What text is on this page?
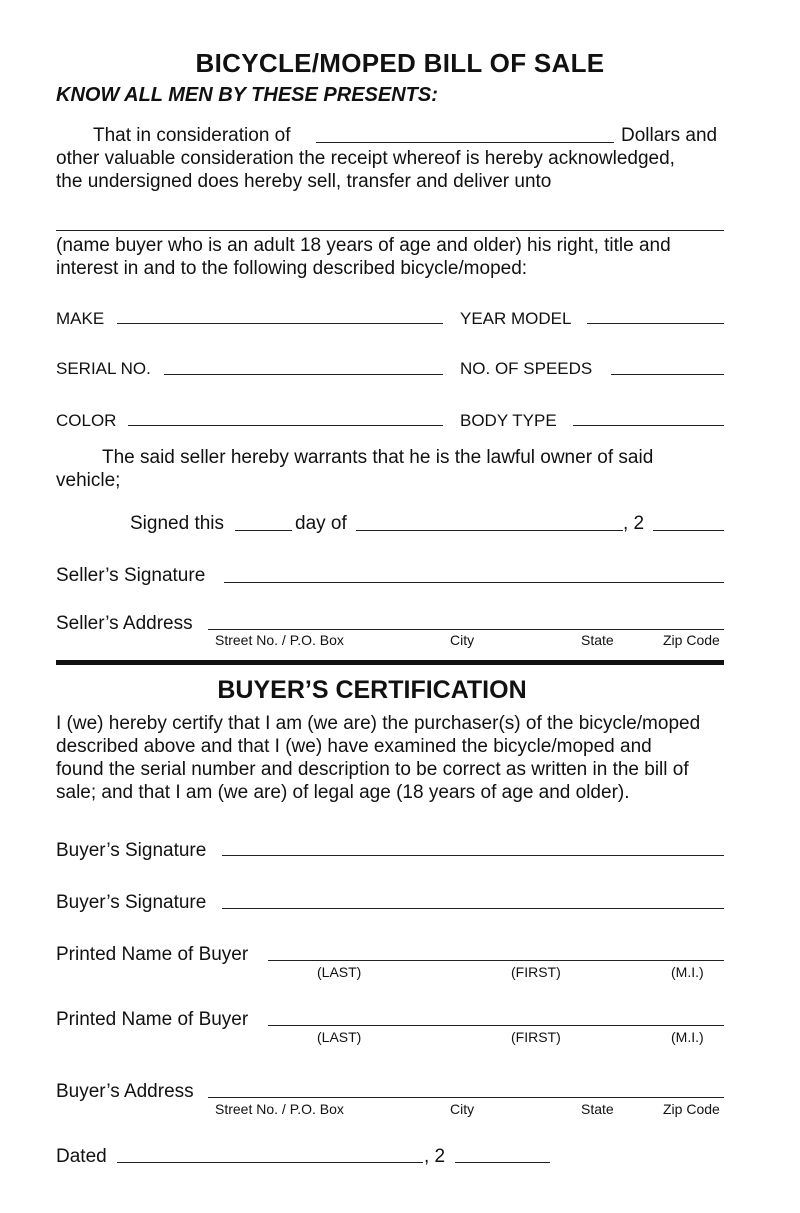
BICYCLE/MOPED BILL OF SALE
KNOW ALL MEN BY THESE PRESENTS:
That in consideration of	Dollars and
other valuable consideration the receipt whereof is hereby acknowledged,
the undersigned does hereby sell, transfer and deliver unto
(name buyer who is an adult 18 years of age and older) his right, title and
interest in and to the following described bicycle/moped:
MAKE	YEAR MODEL
SERIAL NO.	NO. OF SPEEDS
COLOR	BODY TYPE
The said seller hereby warrants that he is the lawful owner of said
vehicle;
Signed this	day of	, 2
Seller’s Signature
Seller’s Address
Street No. / P.O. Box	City	State	Zip Code
BUYER’S CERTIFICATION
I (we) hereby certify that I am (we are) the purchaser(s) of the bicycle/moped
described above and that I (we) have examined the bicycle/moped and
found the serial number and description to be correct as written in the bill of
sale; and that I am (we are) of legal age (18 years of age and older).
Buyer’s Signature
Buyer’s Signature
Printed Name of Buyer
(LAST)	(FIRST)	(M.I.)
Printed Name of Buyer
(LAST)	(FIRST)	(M.I.)
Buyer’s Address
Street No. / P.O. Box	City	State	Zip Code
Dated	, 2
